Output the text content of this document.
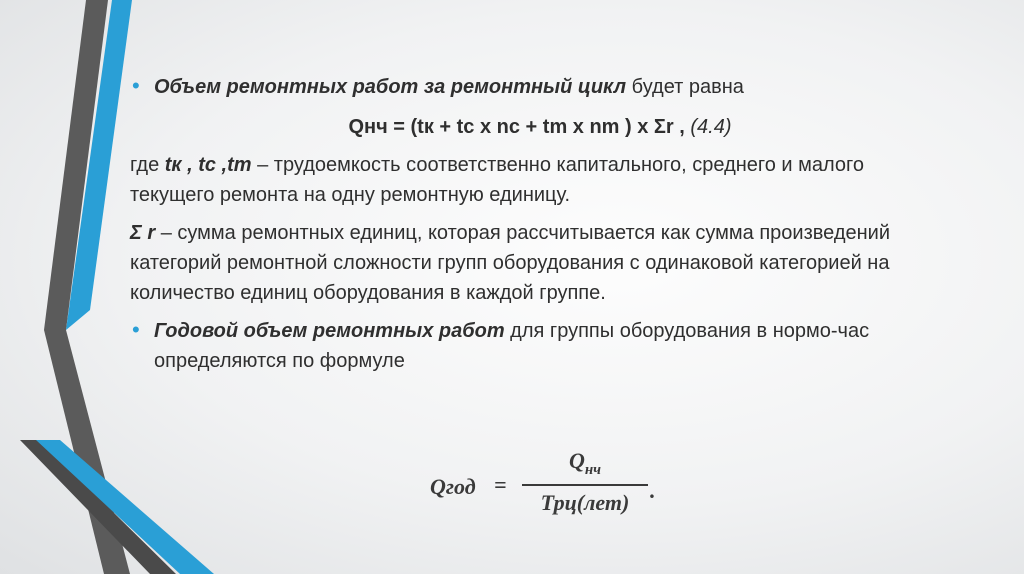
• Объем ремонтных работ за ремонтный цикл будет равна
Qнч = (tк + tc x nc + tm x nm ) x Σr , (4.4)
где tк , tc ,tm – трудоемкость соответственно капитального, среднего и малого текущего ремонта на одну ремонтную единицу.
Σ r – сумма ремонтных единиц, которая рассчитывается как сумма произведений категорий ремонтной сложности групп оборудования с одинаковой категорией на количество единиц оборудования в каждой группе.
• Годовой объем ремонтных работ для группы оборудования в нормо-час определяются по формуле
Qгод =
$Q_{нч}$
Трц(лет) .
